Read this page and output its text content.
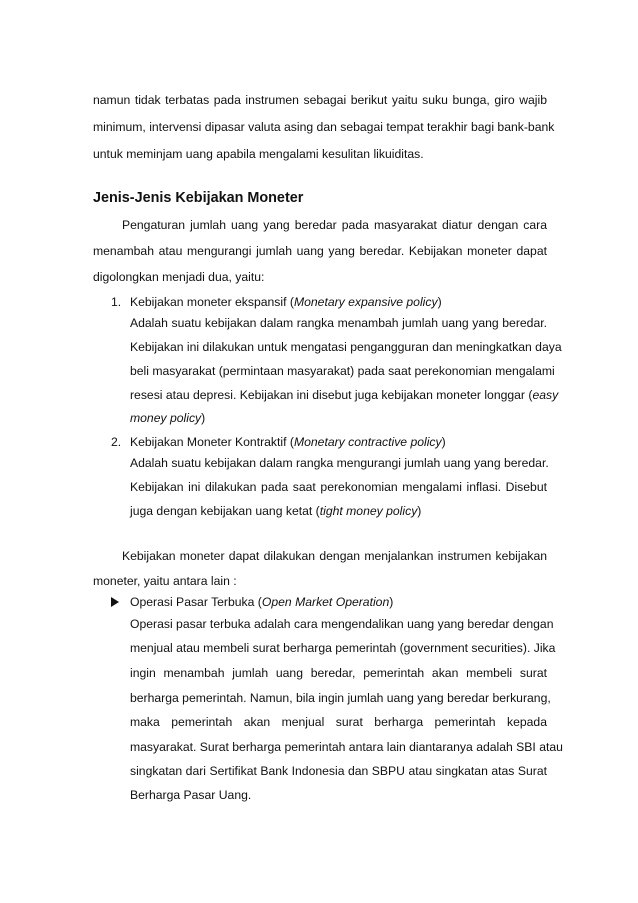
namun tidak terbatas pada instrumen sebagai berikut yaitu suku bunga, giro wajib
minimum, intervensi dipasar valuta asing dan sebagai tempat terakhir bagi bank-bank
untuk meminjam uang apabila mengalami kesulitan likuiditas.
Jenis-Jenis Kebijakan Moneter
Pengaturan jumlah uang yang beredar pada masyarakat diatur dengan cara
menambah atau mengurangi jumlah uang yang beredar. Kebijakan moneter dapat
digolongkan menjadi dua, yaitu:
1. Kebijakan moneter ekspansif (Monetary expansive policy)
Adalah suatu kebijakan dalam rangka menambah jumlah uang yang beredar.
Kebijakan ini dilakukan untuk mengatasi pengangguran dan meningkatkan daya
beli masyarakat (permintaan masyarakat) pada saat perekonomian mengalami
resesi atau depresi. Kebijakan ini disebut juga kebijakan moneter longgar (easy
money policy)
2. Kebijakan Moneter Kontraktif (Monetary contractive policy)
Adalah suatu kebijakan dalam rangka mengurangi jumlah uang yang beredar.
Kebijakan ini dilakukan pada saat perekonomian mengalami inflasi. Disebut
juga dengan kebijakan uang ketat (tight money policy)
Kebijakan moneter dapat dilakukan dengan menjalankan instrumen kebijakan
moneter, yaitu antara lain :
Operasi Pasar Terbuka (Open Market Operation)
Operasi pasar terbuka adalah cara mengendalikan uang yang beredar dengan
menjual atau membeli surat berharga pemerintah (government securities). Jika
ingin menambah jumlah uang beredar, pemerintah akan membeli surat
berharga pemerintah. Namun, bila ingin jumlah uang yang beredar berkurang,
maka pemerintah akan menjual surat berharga pemerintah kepada
masyarakat. Surat berharga pemerintah antara lain diantaranya adalah SBI atau
singkatan dari Sertifikat Bank Indonesia dan SBPU atau singkatan atas Surat
Berharga Pasar Uang.
